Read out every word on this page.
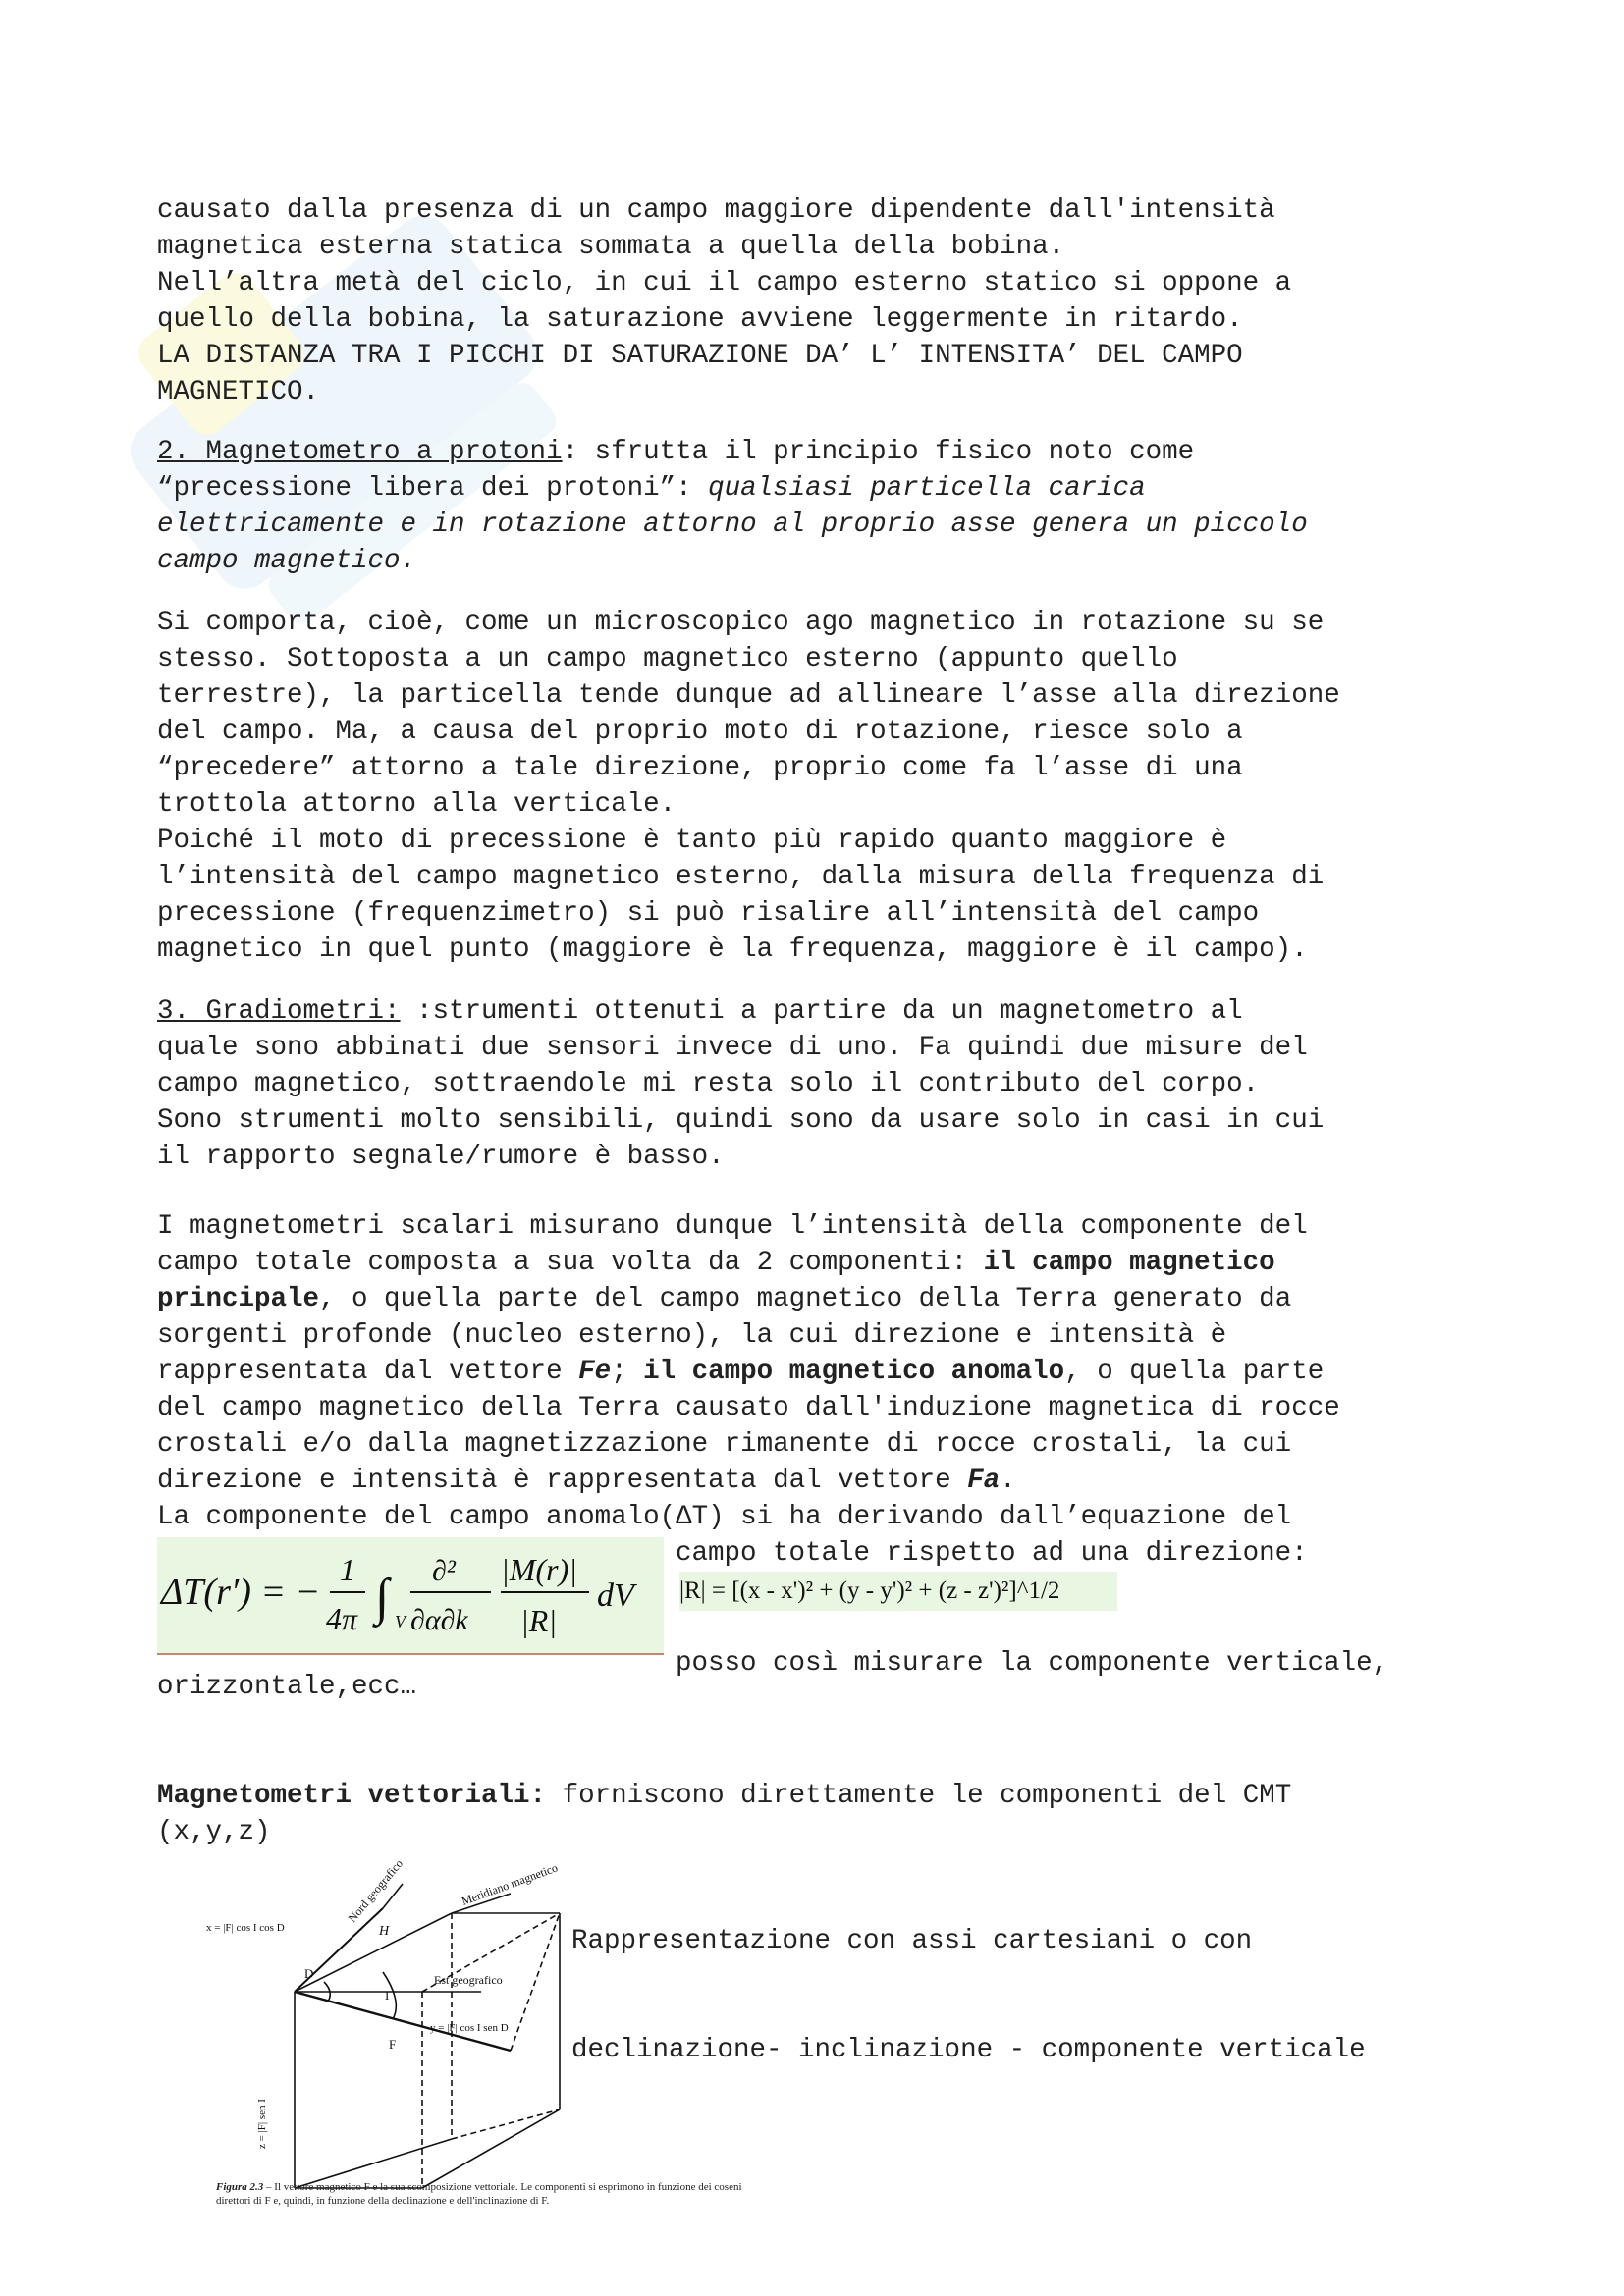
causato dalla presenza di un campo maggiore dipendente dall'intensità
magnetica esterna statica sommata a quella della bobina.
Nell’altra metà del ciclo, in cui il campo esterno statico si oppone a
quello della bobina, la saturazione avviene leggermente in ritardo.
LA DISTANZA TRA I PICCHI DI SATURAZIONE DA’ L’ INTENSITA’ DEL CAMPO
MAGNETICO.
2. Magnetometro a protoni: sfrutta il principio fisico noto come
“precessione libera dei protoni”: qualsiasi particella carica
elettricamente e in rotazione attorno al proprio asse genera un piccolo
campo magnetico.
Si comporta, cioè, come un microscopico ago magnetico in rotazione su se
stesso. Sottoposta a un campo magnetico esterno (appunto quello
terrestre), la particella tende dunque ad allineare l’asse alla direzione
del campo. Ma, a causa del proprio moto di rotazione, riesce solo a
“precedere” attorno a tale direzione, proprio come fa l’asse di una
trottola attorno alla verticale.
Poiché il moto di precessione è tanto più rapido quanto maggiore è
l’intensità del campo magnetico esterno, dalla misura della frequenza di
precessione (frequenzimetro) si può risalire all’intensità del campo
magnetico in quel punto (maggiore è la frequenza, maggiore è il campo).
3. Gradiometri: :strumenti ottenuti a partire da un magnetometro al
quale sono abbinati due sensori invece di uno. Fa quindi due misure del
campo magnetico, sottraendole mi resta solo il contributo del corpo.
Sono strumenti molto sensibili, quindi sono da usare solo in casi in cui
il rapporto segnale/rumore è basso.
I magnetometri scalari misurano dunque l’intensità della componente del
campo totale composta a sua volta da 2 componenti: il campo magnetico
principale, o quella parte del campo magnetico della Terra generato da
sorgenti profonde (nucleo esterno), la cui direzione e intensità è
rappresentata dal vettore Fe; il campo magnetico anomalo, o quella parte
del campo magnetico della Terra causato dall'induzione magnetica di rocce
crostali e/o dalla magnetizzazione rimanente di rocce crostali, la cui
direzione e intensità è rappresentata dal vettore Fa.
La componente del campo anomalo(ΔT) si ha derivando dall’equazione del
ΔT(r′) = −
1
4π ∫ V
∂²
∂α∂k
|M(r)|
|R|
dV
campo totale rispetto ad una direzione:
|R| = [(x - x')² + (y - y')² + (z - z')²]^1/2
posso così misurare la componente verticale,
orizzontale,ecc…
Magnetometri vettoriali: forniscono direttamente le componenti del CMT
(x,y,z)
Nord geografico	Meridiano magnetico
Est geografico
x = |F| cos I cos D
y = |F| cos I sen D
z = |F| sen I
H
D
I
F
Figura 2.3 – Il vettore magnetico F e la sua scomposizione vettoriale. Le componenti si esprimono in funzione dei coseni direttori di F e, quindi, in funzione della declinazione e dell'inclinazione di F.

Rappresentazione con assi cartesiani o con

declinazione- inclinazione - componente verticale
